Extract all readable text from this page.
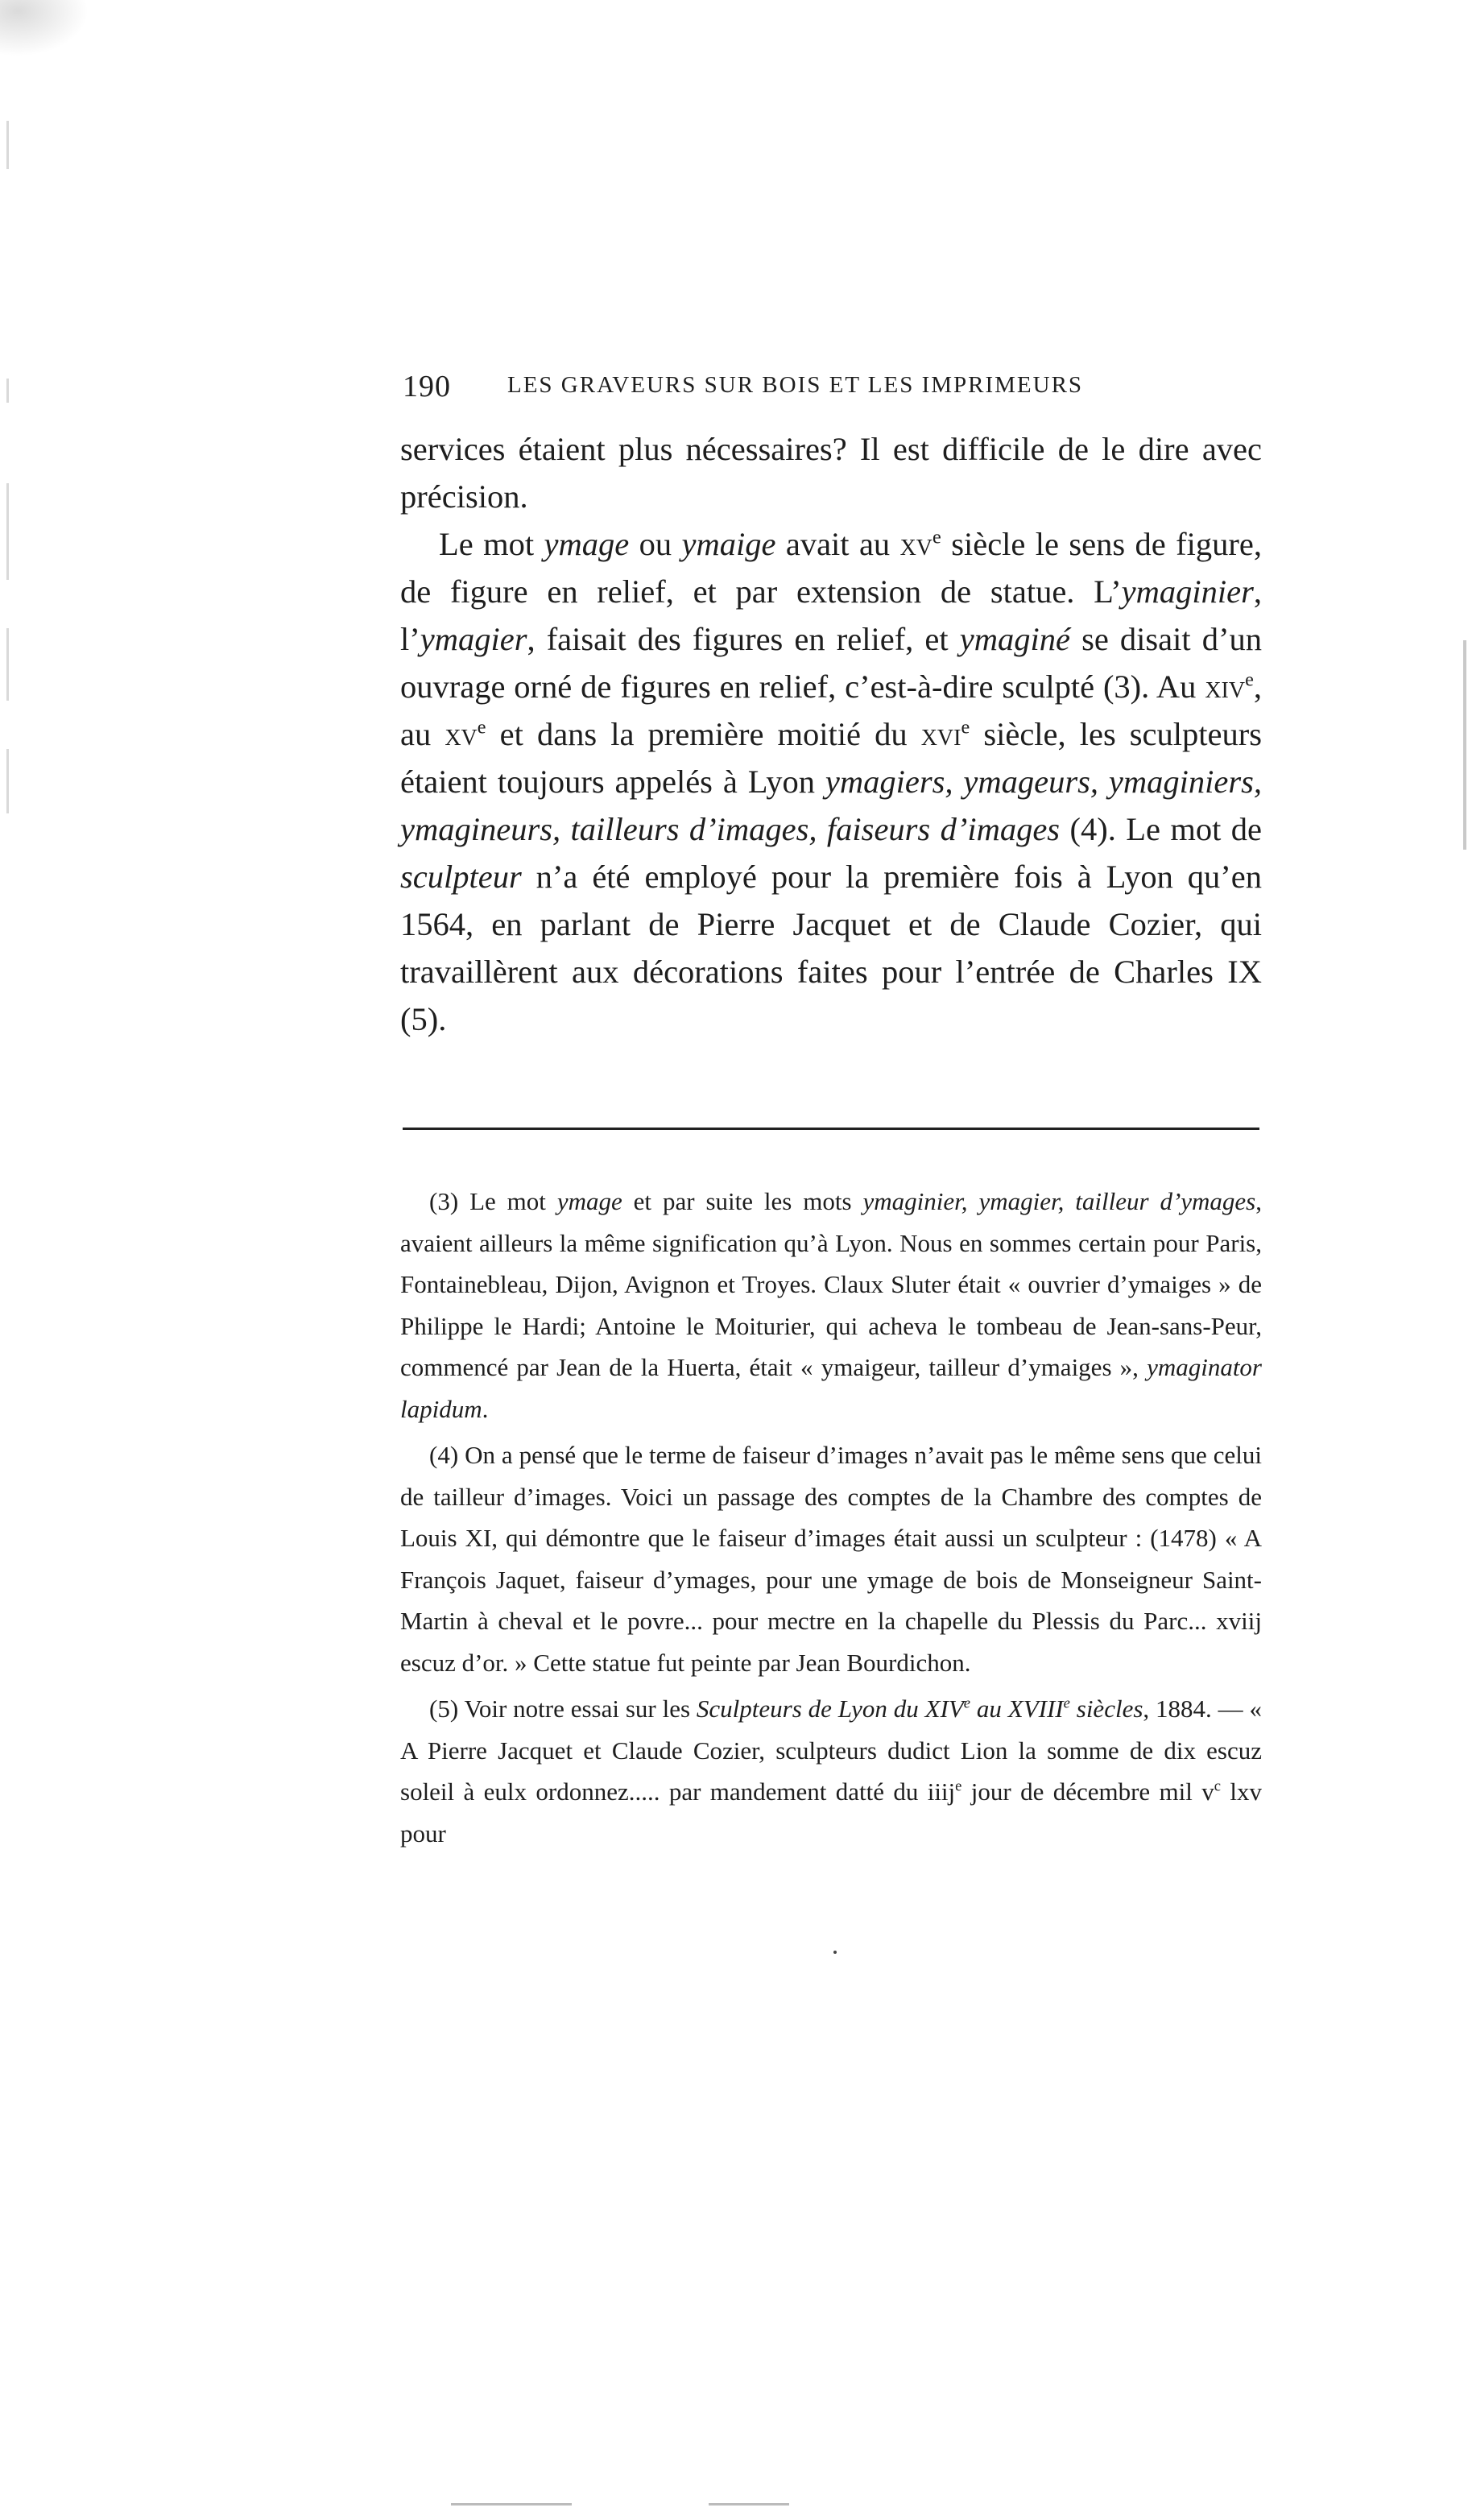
190 LES GRAVEURS SUR BOIS ET LES IMPRIMEURS

services étaient plus nécessaires? Il est difficile de le dire avec précision.

Le mot ymage ou ymaige avait au $xv^e$ siècle le sens de figure, de figure en relief, et par extension de statue. L’ymaginier, l’ymagier, faisait des figures en relief, et ymaginé se disait d’un ouvrage orné de figures en relief, c’est-à-dire sculpté (3). Au xiv$^e$, au $xv^e$ et dans la première moitié du xvi$^e$ siècle, les sculpteurs étaient toujours appelés à Lyon ymagiers, ymageurs, ymaginiers, ymagineurs, tailleurs d’images, faiseurs d’images (4). Le mot de sculpteur n’a été employé pour la première fois à Lyon qu’en 1564, en parlant de Pierre Jacquet et de Claude Cozier, qui travaillèrent aux décorations faites pour l’entrée de Charles IX (5).

(3) Le mot ymage et par suite les mots ymaginier, ymagier, tailleur d’ymages, avaient ailleurs la même signification qu’à Lyon. Nous en sommes certain pour Paris, Fontainebleau, Dijon, Avignon et Troyes. Claux Sluter était « ouvrier d’ymaiges » de Philippe le Hardi; Antoine le Moiturier, qui acheva le tombeau de Jean-sans-Peur, commencé par Jean de la Huerta, était « ymaigeur, tailleur d’ymaiges », ymaginator lapidum.

(4) On a pensé que le terme de faiseur d’images n’avait pas le même sens que celui de tailleur d’images. Voici un passage des comptes de la Chambre des comptes de Louis XI, qui démontre que le faiseur d’images était aussi un sculpteur : (1478) « A François Jaquet, faiseur d’ymages, pour une ymage de bois de Monseigneur Saint-Martin à cheval et le povre... pour mectre en la chapelle du Plessis du Parc... xviij escuz d’or. » Cette statue fut peinte par Jean Bourdichon.

(5) Voir notre essai sur les Sculpteurs de Lyon du XIVe au XVIIIe siècles, 1884. — « A Pierre Jacquet et Claude Cozier, sculpteurs dudict Lion la somme de dix escuz soleil à eulx ordonnez..... par mandement datté du iiij$^e$ jour de décembre mil $v^c$ lxv pour
